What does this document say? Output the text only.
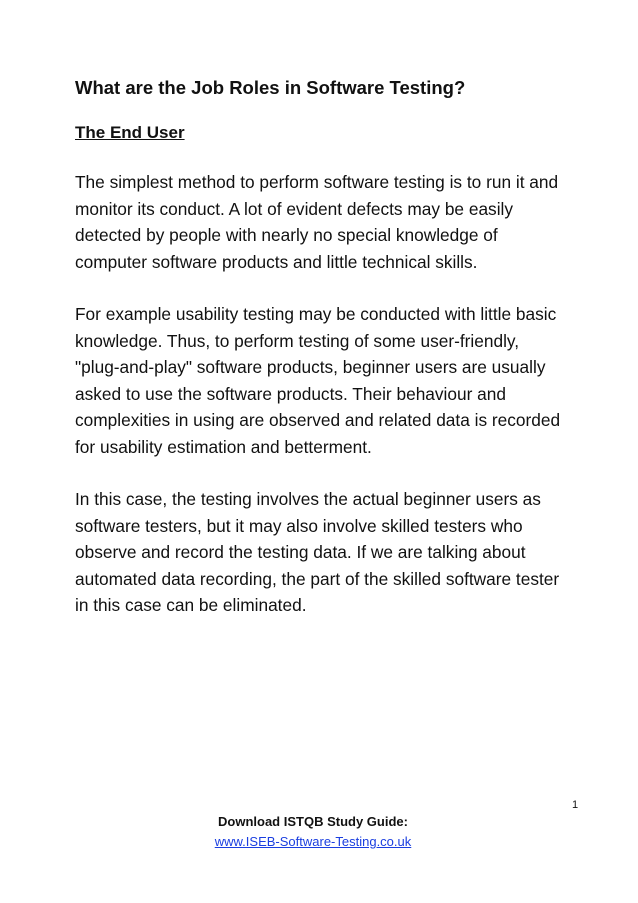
What are the Job Roles in Software Testing?
The End User

The simplest method to perform software testing is to run it and monitor its conduct. A lot of evident defects may be easily detected by people with nearly no special knowledge of computer software products and little technical skills.

For example usability testing may be conducted with little basic knowledge. Thus, to perform testing of some user-friendly, "plug-and-play" software products, beginner users are usually asked to use the software products. Their behaviour and complexities in using are observed and related data is recorded for usability estimation and betterment.

In this case, the testing involves the actual beginner users as software testers, but it may also involve skilled testers who observe and record the testing data. If we are talking about automated data recording, the part of the skilled software tester in this case can be eliminated.

1
Download ISTQB Study Guide:
www.ISEB-Software-Testing.co.uk
